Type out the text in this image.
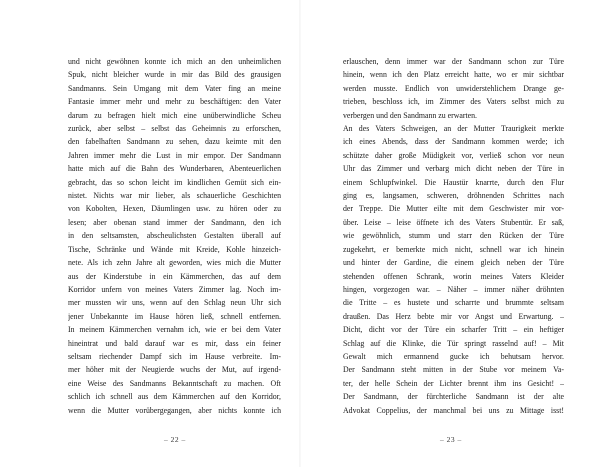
und nicht gewöhnen konnte ich mich an den unheimlichen
Spuk, nicht bleicher wurde in mir das Bild des grausigen
Sandmanns. Sein Umgang mit dem Vater fing an meine
Fantasie immer mehr und mehr zu beschäftigen: den Vater
darum zu befragen hielt mich eine unüberwindliche Scheu
zurück, aber selbst – selbst das Geheimnis zu erforschen,
den fabelhaften Sandmann zu sehen, dazu keimte mit den
Jahren immer mehr die Lust in mir empor. Der Sandmann
hatte mich auf die Bahn des Wunderbaren, Abenteuerlichen
gebracht, das so schon leicht im kindlichen Gemüt sich ein-
nistet. Nichts war mir lieber, als schauerliche Geschichten
von Kobolten, Hexen, Däumlingen usw. zu hören oder zu
lesen; aber obenan stand immer der Sandmann, den ich
in den seltsamsten, abscheulichsten Gestalten überall auf
Tische, Schränke und Wände mit Kreide, Kohle hinzeich-
nete. Als ich zehn Jahre alt geworden, wies mich die Mutter
aus der Kinderstube in ein Kämmerchen, das auf dem
Korridor unfern von meines Vaters Zimmer lag. Noch im-
mer mussten wir uns, wenn auf den Schlag neun Uhr sich
jener Unbekannte im Hause hören ließ, schnell entfernen.
In meinem Kämmerchen vernahm ich, wie er bei dem Vater
hineintrat und bald darauf war es mir, dass ein feiner
seltsam riechender Dampf sich im Hause verbreite. Im-
mer höher mit der Neugierde wuchs der Mut, auf irgend-
eine Weise des Sandmanns Bekanntschaft zu machen. Oft
schlich ich schnell aus dem Kämmerchen auf den Korridor,
wenn die Mutter vorübergegangen, aber nichts konnte ich
– 22 –
erlauschen, denn immer war der Sandmann schon zur Türe
hinein, wenn ich den Platz erreicht hatte, wo er mir sichtbar
werden musste. Endlich von unwiderstehlichem Drange ge-
trieben, beschloss ich, im Zimmer des Vaters selbst mich zu
verbergen und den Sandmann zu erwarten.
An des Vaters Schweigen, an der Mutter Traurigkeit merkte
ich eines Abends, dass der Sandmann kommen werde; ich
schützte daher große Müdigkeit vor, verließ schon vor neun
Uhr das Zimmer und verbarg mich dicht neben der Türe in
einem Schlupfwinkel. Die Haustür knarrte, durch den Flur
ging es, langsamen, schweren, dröhnenden Schrittes nach
der Treppe. Die Mutter eilte mit dem Geschwister mir vor-
über. Leise – leise öffnete ich des Vaters Stubentür. Er saß,
wie gewöhnlich, stumm und starr den Rücken der Türe
zugekehrt, er bemerkte mich nicht, schnell war ich hinein
und hinter der Gardine, die einem gleich neben der Türe
stehenden offenen Schrank, worin meines Vaters Kleider
hingen, vorgezogen war. – Näher – immer näher dröhnten
die Tritte – es hustete und scharrte und brummte seltsam
draußen. Das Herz bebte mir vor Angst und Erwartung. –
Dicht, dicht vor der Türe ein scharfer Tritt – ein heftiger
Schlag auf die Klinke, die Tür springt rasselnd auf! – Mit
Gewalt mich ermannend gucke ich behutsam hervor.
Der Sandmann steht mitten in der Stube vor meinem Va-
ter, der helle Schein der Lichter brennt ihm ins Gesicht! –
Der Sandmann, der fürchterliche Sandmann ist der alte
Advokat Coppelius, der manchmal bei uns zu Mittage isst!
– 23 –
